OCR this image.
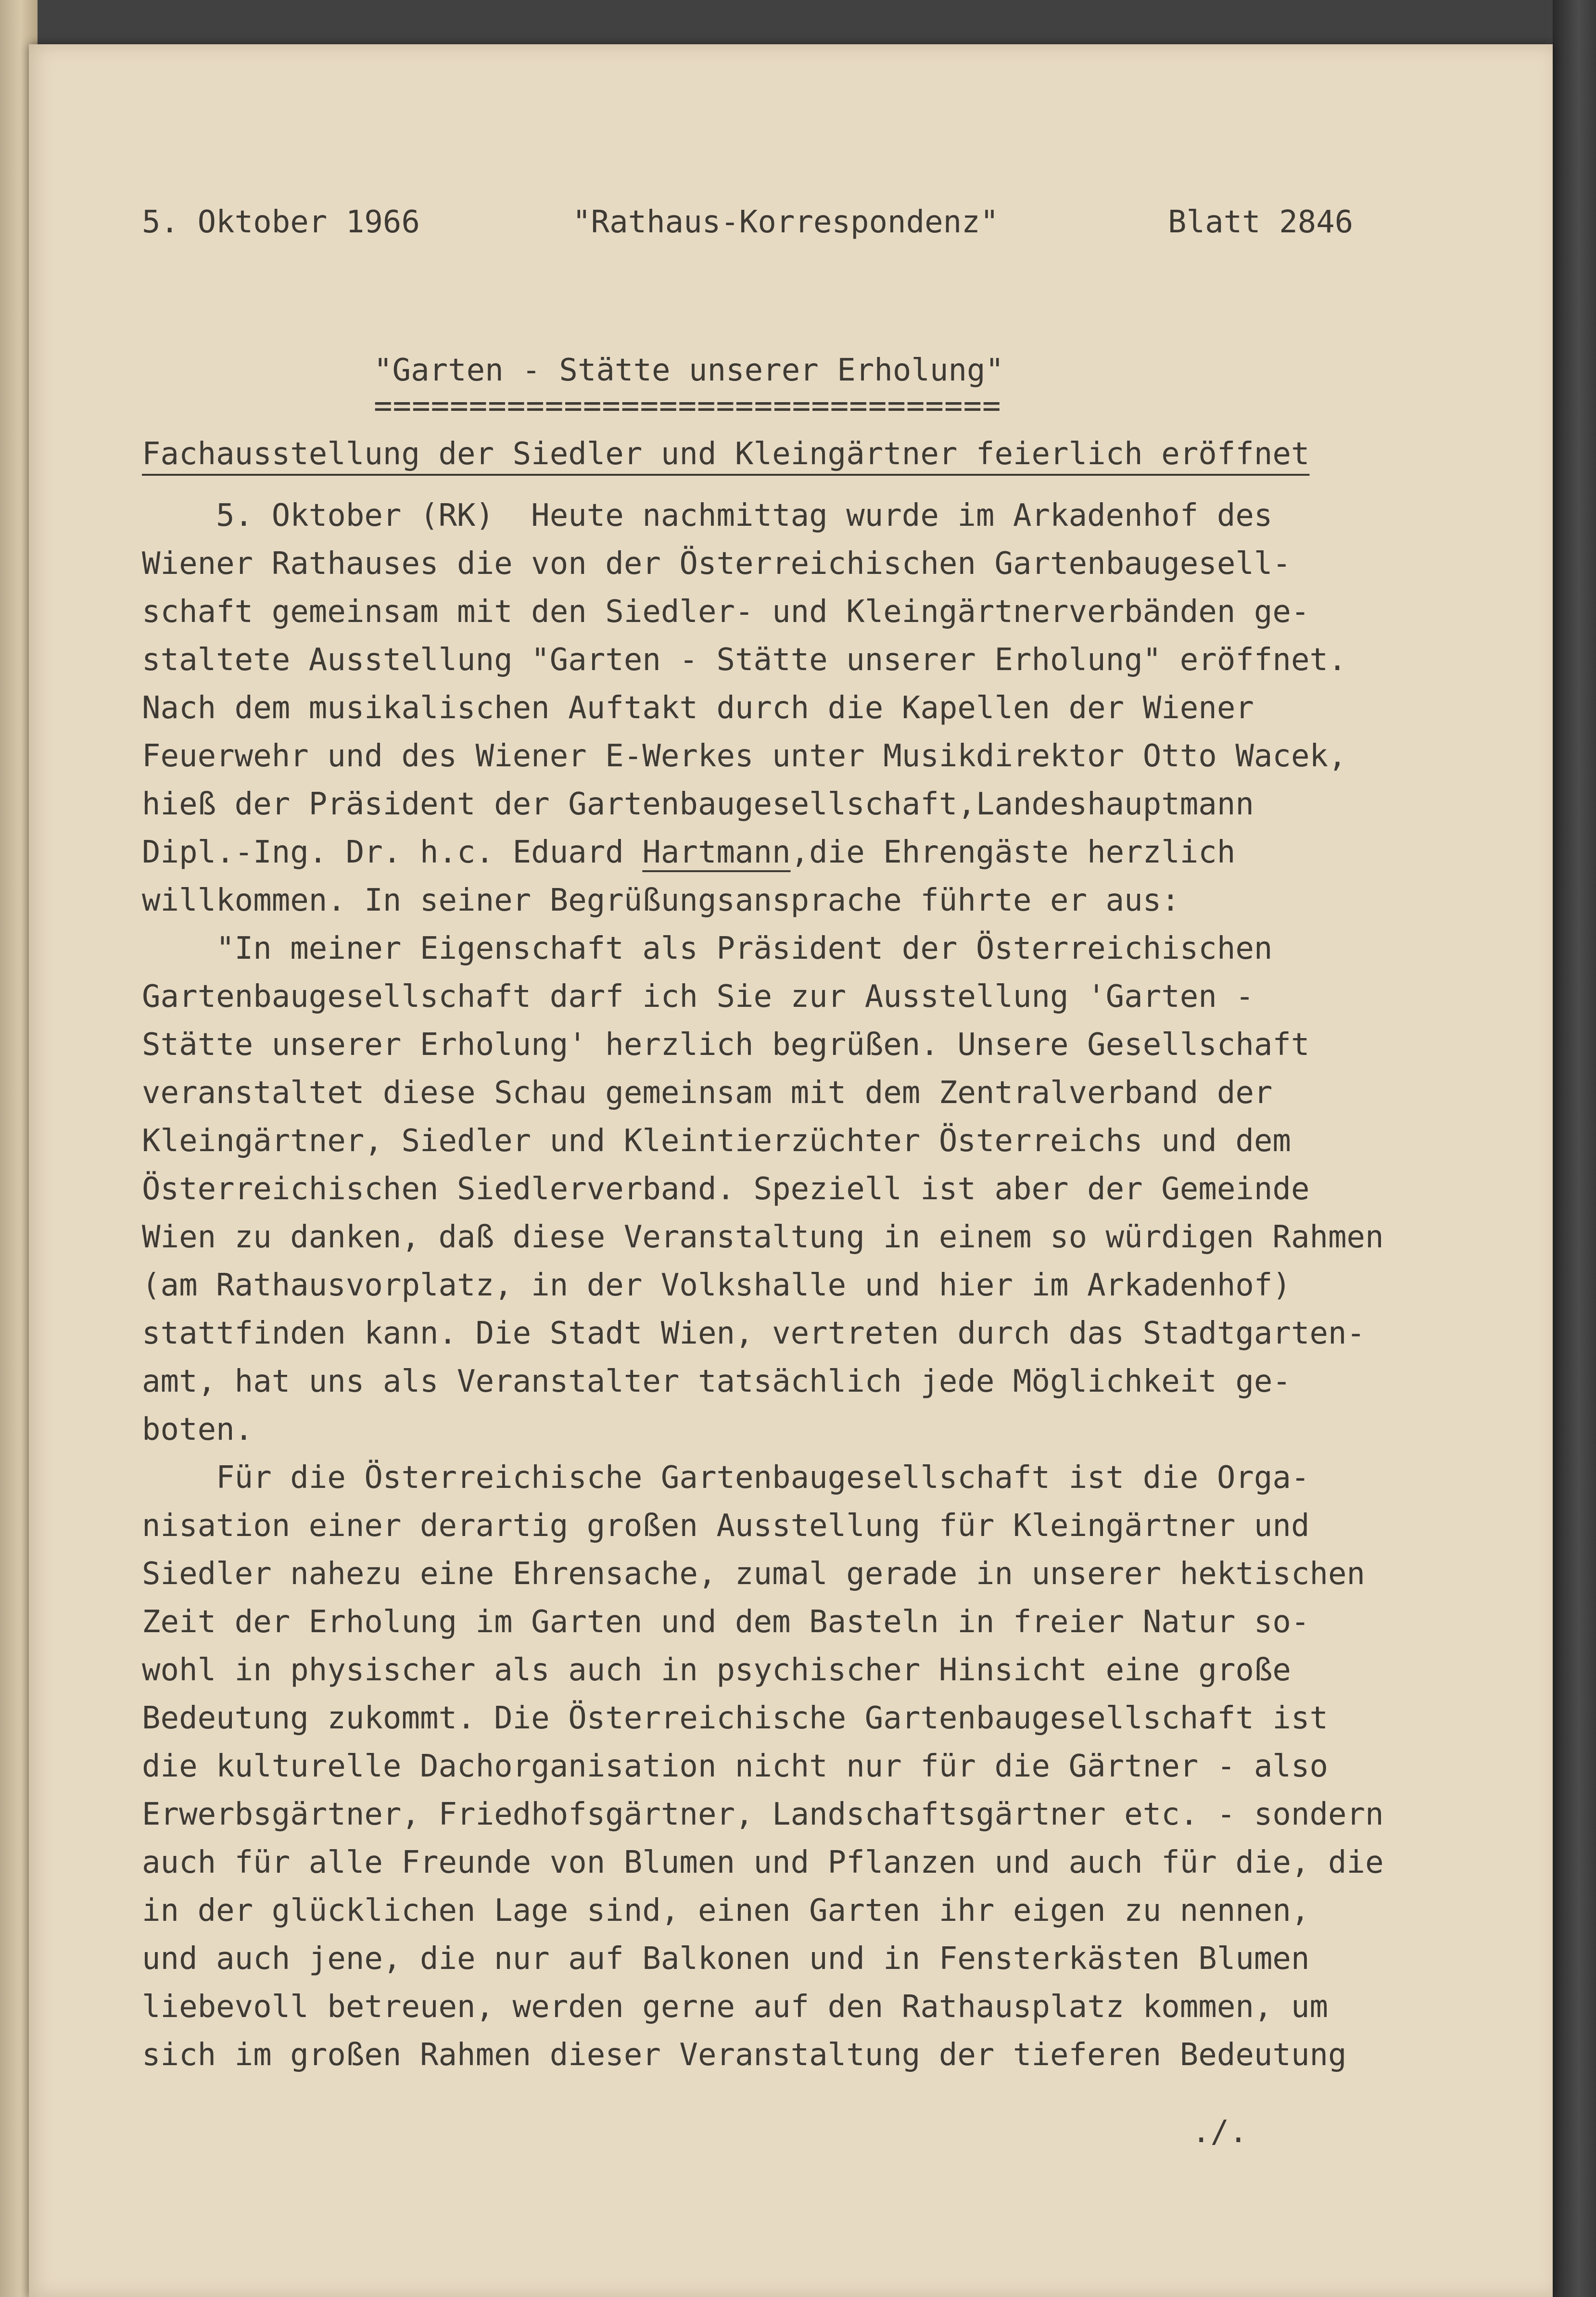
5. Oktober 1966	"Rathaus-Korrespondenz"	Blatt 2846

"Garten - Stätte unserer Erholung"

=================================

Fachausstellung der Siedler und Kleingärtner feierlich eröffnet

5. Oktober (RK)  Heute nachmittag wurde im Arkadenhof des

Wiener Rathauses die von der Österreichischen Gartenbaugesell-

schaft gemeinsam mit den Siedler- und Kleingärtnerverbänden ge-

staltete Ausstellung "Garten - Stätte unserer Erholung" eröffnet.

Nach dem musikalischen Auftakt durch die Kapellen der Wiener

Feuerwehr und des Wiener E-Werkes unter Musikdirektor Otto Wacek,

hieß der Präsident der Gartenbaugesellschaft,Landeshauptmann

Dipl.-Ing. Dr. h.c. Eduard Hartmann,die Ehrengäste herzlich

willkommen. In seiner Begrüßungsansprache führte er aus:

"In meiner Eigenschaft als Präsident der Österreichischen

Gartenbaugesellschaft darf ich Sie zur Ausstellung 'Garten -

Stätte unserer Erholung' herzlich begrüßen. Unsere Gesellschaft

veranstaltet diese Schau gemeinsam mit dem Zentralverband der

Kleingärtner, Siedler und Kleintierzüchter Österreichs und dem

Österreichischen Siedlerverband. Speziell ist aber der Gemeinde

Wien zu danken, daß diese Veranstaltung in einem so würdigen Rahmen

(am Rathausvorplatz, in der Volkshalle und hier im Arkadenhof)

stattfinden kann. Die Stadt Wien, vertreten durch das Stadtgarten-

amt, hat uns als Veranstalter tatsächlich jede Möglichkeit ge-

boten.

Für die Österreichische Gartenbaugesellschaft ist die Orga-

nisation einer derartig großen Ausstellung für Kleingärtner und

Siedler nahezu eine Ehrensache, zumal gerade in unserer hektischen

Zeit der Erholung im Garten und dem Basteln in freier Natur so-

wohl in physischer als auch in psychischer Hinsicht eine große

Bedeutung zukommt. Die Österreichische Gartenbaugesellschaft ist

die kulturelle Dachorganisation nicht nur für die Gärtner - also

Erwerbsgärtner, Friedhofsgärtner, Landschaftsgärtner etc. - sondern

auch für alle Freunde von Blumen und Pflanzen und auch für die, die

in der glücklichen Lage sind, einen Garten ihr eigen zu nennen,

und auch jene, die nur auf Balkonen und in Fensterkästen Blumen

liebevoll betreuen, werden gerne auf den Rathausplatz kommen, um

sich im großen Rahmen dieser Veranstaltung der tieferen Bedeutung

./.
